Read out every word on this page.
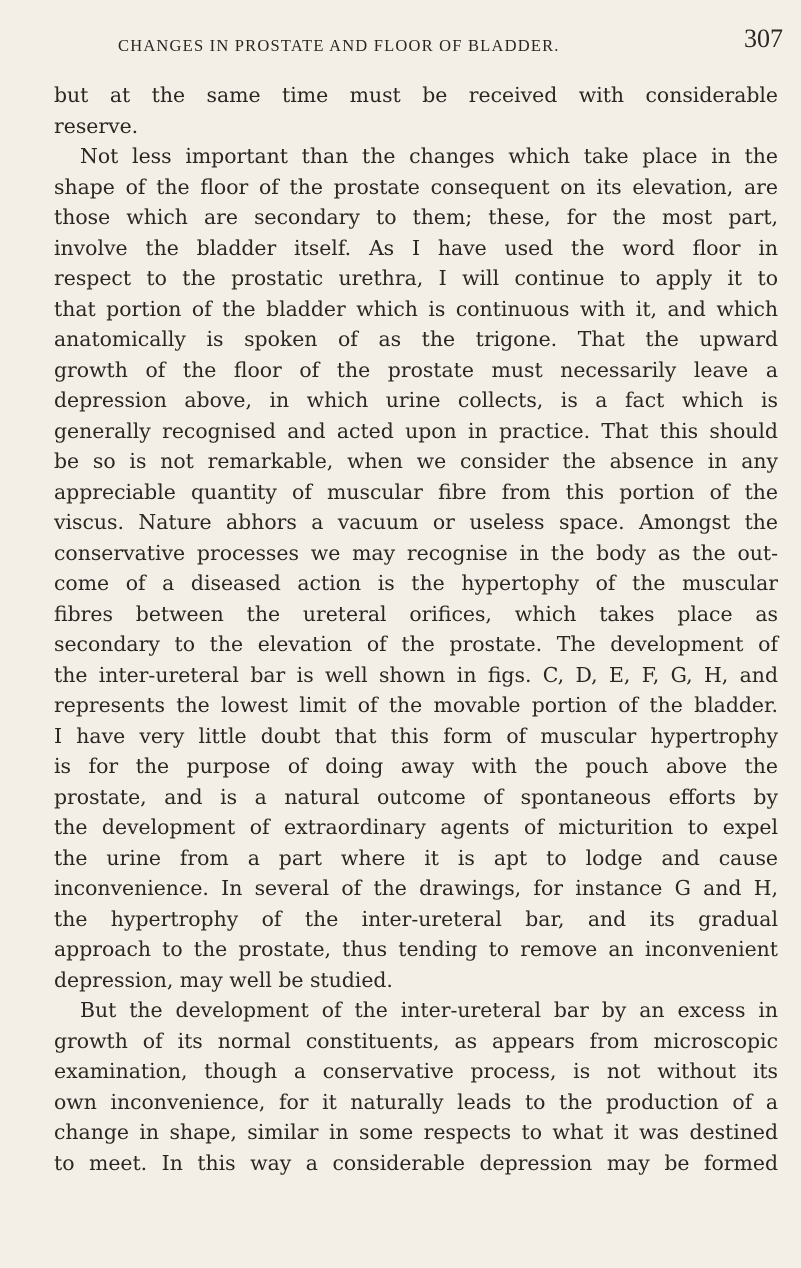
CHANGES IN PROSTATE AND FLOOR OF BLADDER.	307
but at the same time must be received with considerable
reserve.
Not less important than the changes which take place in the
shape of the floor of the prostate consequent on its elevation, are
those which are secondary to them; these, for the most part,
involve the bladder itself. As I have used the word floor in
respect to the prostatic urethra, I will continue to apply it to
that portion of the bladder which is continuous with it, and which
anatomically is spoken of as the trigone. That the upward
growth of the floor of the prostate must necessarily leave a
depression above, in which urine collects, is a fact which is
generally recognised and acted upon in practice. That this should
be so is not remarkable, when we consider the absence in any
appreciable quantity of muscular fibre from this portion of the
viscus. Nature abhors a vacuum or useless space. Amongst the
conservative processes we may recognise in the body as the out-
come of a diseased action is the hypertophy of the muscular
fibres between the ureteral orifices, which takes place as
secondary to the elevation of the prostate. The development of
the inter-ureteral bar is well shown in figs. C, D, E, F, G, H, and
represents the lowest limit of the movable portion of the bladder.
I have very little doubt that this form of muscular hypertrophy
is for the purpose of doing away with the pouch above the
prostate, and is a natural outcome of spontaneous efforts by
the development of extraordinary agents of micturition to expel
the urine from a part where it is apt to lodge and cause
inconvenience. In several of the drawings, for instance G and H,
the hypertrophy of the inter-ureteral bar, and its gradual
approach to the prostate, thus tending to remove an inconvenient
depression, may well be studied.
But the development of the inter-ureteral bar by an excess in
growth of its normal constituents, as appears from microscopic
examination, though a conservative process, is not without its
own inconvenience, for it naturally leads to the production of a
change in shape, similar in some respects to what it was destined
to meet. In this way a considerable depression may be formed
